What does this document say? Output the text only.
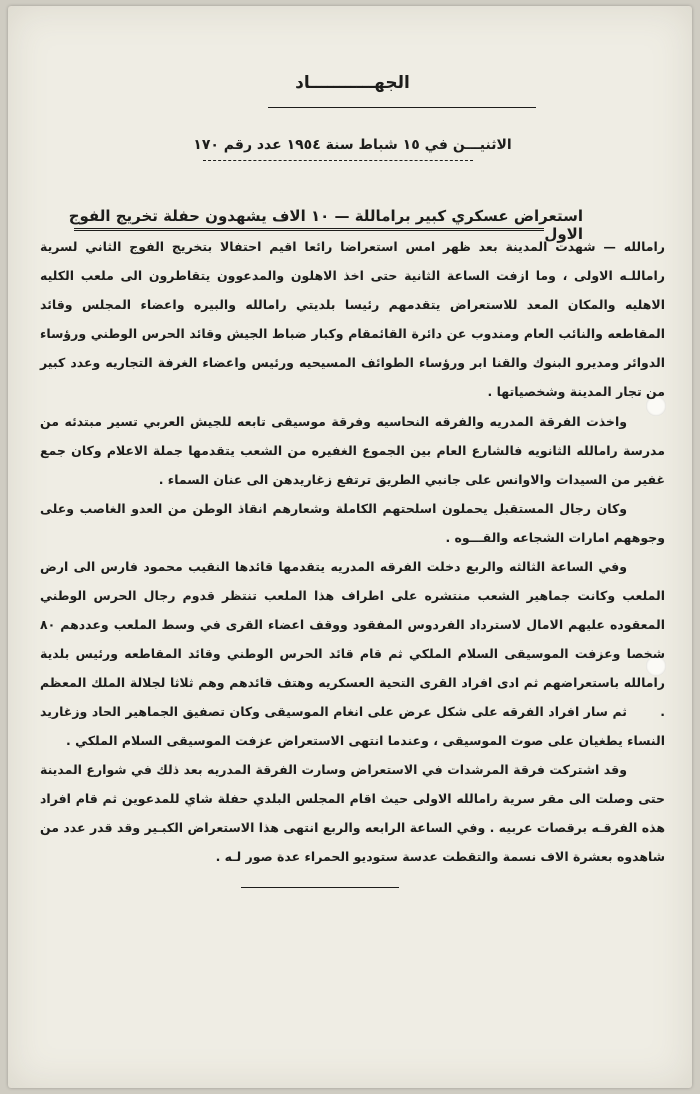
الجهـــــــــــاد
الاثنيـــن في ١٥ شباط سنة ١٩٥٤ عدد رقم ١٧٠
استعراض عسكري كبير براماللة — ١٠ الاف يشهدون حفلة تخريج الفوج الاول

رامالله — شهدت المدينة بعد ظهر امس استعراضا رائعا اقيم احتفالا بتخريج الفوج الثاني لسرية راماللـه الاولى ، وما ازفت الساعة الثانية حتى اخذ الاهلون والمدعوون يتقاطرون الى ملعب الكليه الاهليه والمكان المعد للاستعراض يتقدمهم رئيسا بلديتي رامالله والبيره واعضاء المجلس وقائد المقاطعه والنائب العام ومندوب عن دائرة القائمقام وكبار ضباط الجيش وقائد الحرس الوطني ورؤساء الدوائر ومديرو البنوك والقنا ابر ورؤساء الطوائف المسيحيه ورئيس واعضاء الغرفة التجاريه وعدد كبير من تجار المدينة وشخصياتها .

واخذت الفرقة المدريه والفرقه النحاسيه وفرقة موسيقى تابعه للجيش العربي تسير مبتدئه من مدرسة رامالله الثانويه فالشارع العام بين الجموع الغفيره من الشعب يتقدمها جملة الاعلام وكان جمع غفير من السيدات والاوانس على جانبي الطريق ترتفع زغاريدهن الى عنان السماء .

وكان رجال المستقبل يحملون اسلحتهم الكاملة وشعارهم انقاذ الوطن من العدو الغاصب وعلى وجوههم امارات الشجاعه والقـــوه .

وفي الساعة الثالثه والربع دخلت الفرقه المدريه يتقدمها قائدها النقيب محمود فارس الى ارض الملعب وكانت جماهير الشعب منتشره على اطراف هذا الملعب تنتظر قدوم رجال الحرس الوطني المعقوده عليهم الامال لاسترداد الفردوس المفقود ووقف اعضاء القرى في وسط الملعب وعددهم ٨٠ شخصا وعزفت الموسيقى السلام الملكي ثم قام قائد الحرس الوطني وقائد المقاطعه ورئيس بلدية رامالله باستعراضهم ثم ادى افراد القرى التحية العسكريه وهتف قائدهم وهم ثلاثا لجلالة الملك المعظم .

ثم سار افراد الفرقه على شكل عرض على انغام الموسيقى وكان تصفيق الجماهير الحاد وزغاريد النساء يطغيان على صوت الموسيقى ، وعندما انتهى الاستعراض عزفت الموسيقى السلام الملكي .

وقد اشتركت فرقة المرشدات في الاستعراض وسارت الفرقة المدريه بعد ذلك في شوارع المدينة حتى وصلت الى مقر سرية رامالله الاولى حيث اقام المجلس البلدي حفلة شاي للمدعوين ثم قام افراد هذه الفرقـه برقصات عربيه . وفي الساعة الرابعه والربع انتهى هذا الاستعراض الكبـير وقد قدر عدد من شاهدوه بعشرة الاف نسمة والتقطت عدسة ستوديو الحمراء عدة صور لـه .
